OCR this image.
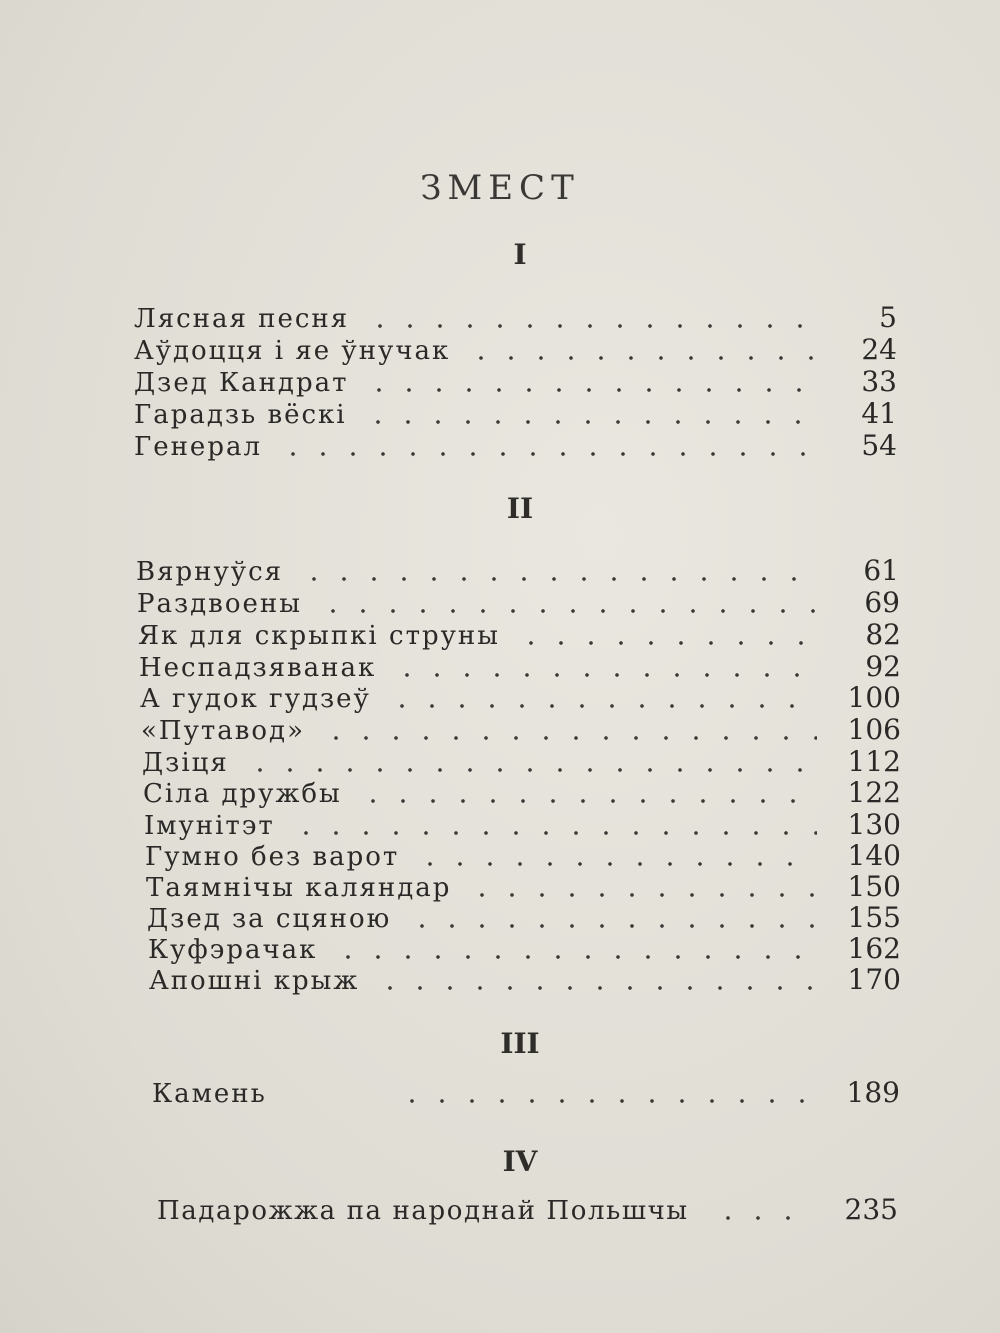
ЗМЕСТ
I
Лясная песня	5
Аўдоцця і яе ўнучак	24
Дзед Кандрат	33
Гарадзь вёскі	41
Генерал	54
II
Вярнуўся	61
Раздвоены	69
Як для скрыпкі струны	82
Неспадзяванак	92
А гудок гудзеў	100
«Путавод»	106
Дзіця	112
Сіла дружбы	122
Імунітэт	130
Гумно без варот	140
Таямнічы каляндар	150
Дзед за сцяною	155
Куфэрачак	162
Апошні крыж	170
III
Камень	189
IV
Падарожжа па народнай Польшчы	235
